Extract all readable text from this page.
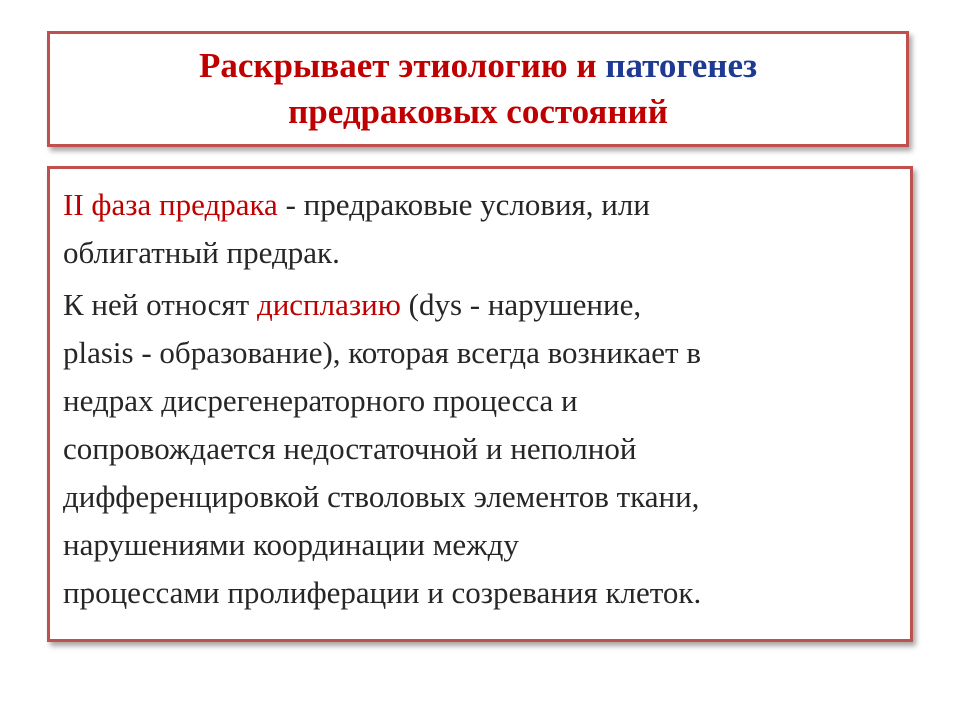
Раскрывает этиологию и патогенез
предраковых состояний

II фаза предрака - предраковые условия, или
облигатный предрак.

К ней относят дисплазию (dys - нарушение,
plasis - образование), которая всегда возникает в
недрах дисрегенераторного процесса и
сопровождается недостаточной и неполной
дифференцировкой стволовых элементов ткани,
нарушениями координации между
процессами пролиферации и созревания клеток.
